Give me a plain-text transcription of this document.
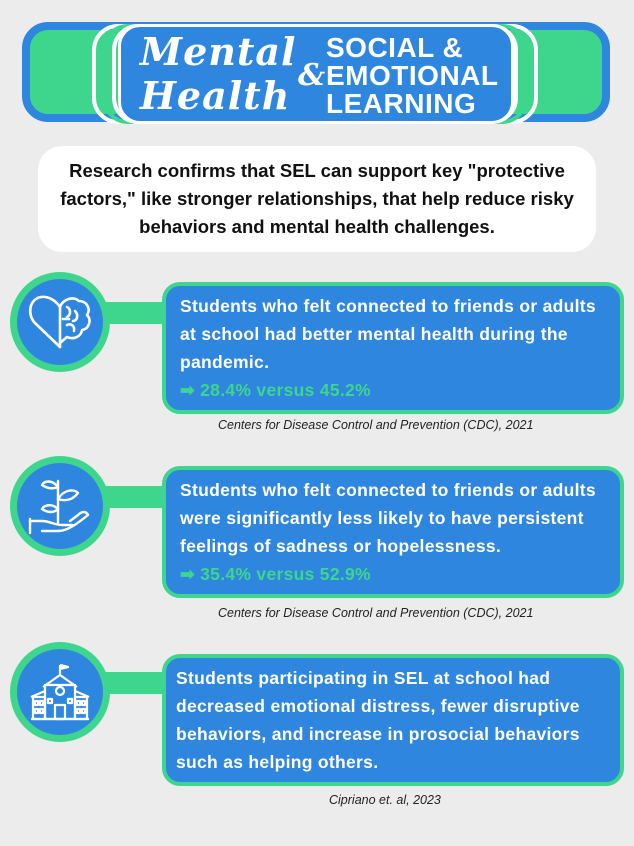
Mental
Health &
SOCIAL &
EMOTIONAL
LEARNING

Research confirms that SEL can support key "protective factors," like stronger relationships, that help reduce risky behaviors and mental health challenges.

Students who felt connected to friends or adults at school had better mental health during the pandemic.

➡ 28.4% versus 45.2%

Centers for Disease Control and Prevention (CDC), 2021

Students who felt connected to friends or adults were significantly less likely to have persistent feelings of sadness or hopelessness.

➡ 35.4% versus 52.9%

Centers for Disease Control and Prevention (CDC), 2021

Students participating in SEL at school had decreased emotional distress, fewer disruptive behaviors, and increase in prosocial behaviors such as helping others.

Cipriano et. al, 2023
